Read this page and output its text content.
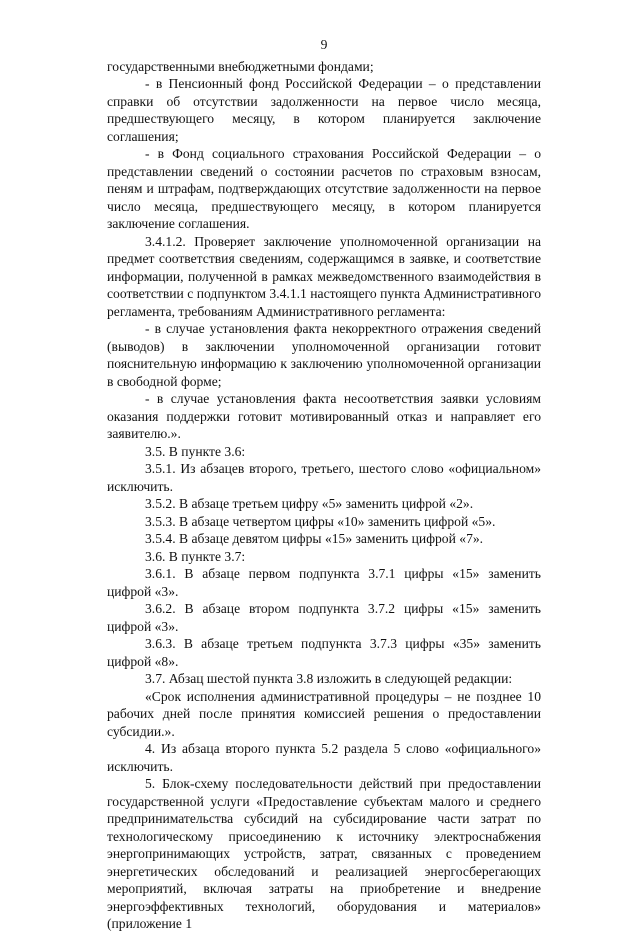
9

государственными внебюджетными фондами;

- в Пенсионный фонд Российской Федерации – о представлении справки об отсутствии задолженности на первое число месяца, предшествующего месяцу, в котором планируется заключение соглашения;

- в Фонд социального страхования Российской Федерации – о представлении сведений о состоянии расчетов по страховым взносам, пеням и штрафам, подтверждающих отсутствие задолженности на первое число месяца, предшествующего месяцу, в котором планируется заключение соглашения.

3.4.1.2. Проверяет заключение уполномоченной организации на предмет соответствия сведениям, содержащимся в заявке, и соответствие информации, полученной в рамках межведомственного взаимодействия в соответствии с подпунктом 3.4.1.1 настоящего пункта Административного регламента, требованиям Административного регламента:

- в случае установления факта некорректного отражения сведений (выводов) в заключении уполномоченной организации готовит пояснительную информацию к заключению уполномоченной организации в свободной форме;

- в случае установления факта несоответствия заявки условиям оказания поддержки готовит мотивированный отказ и направляет его заявителю.».

3.5. В пункте 3.6:

3.5.1. Из абзацев второго, третьего, шестого слово «официальном» исключить.

3.5.2. В абзаце третьем цифру «5» заменить цифрой «2».

3.5.3. В абзаце четвертом цифры «10» заменить цифрой «5».

3.5.4. В абзаце девятом цифры «15» заменить цифрой «7».

3.6. В пункте 3.7:

3.6.1. В абзаце первом подпункта 3.7.1 цифры «15» заменить цифрой «3».

3.6.2. В абзаце втором подпункта 3.7.2 цифры «15» заменить цифрой «3».

3.6.3. В абзаце третьем подпункта 3.7.3 цифры «35» заменить цифрой «8».

3.7. Абзац шестой пункта 3.8 изложить в следующей редакции:

«Срок исполнения административной процедуры – не позднее 10 рабочих дней после принятия комиссией решения о предоставлении субсидии.».

4. Из абзаца второго пункта 5.2 раздела 5 слово «официального» исключить.

5. Блок-схему последовательности действий при предоставлении государственной услуги «Предоставление субъектам малого и среднего предпринимательства субсидий на субсидирование части затрат по технологическому присоединению к источнику электроснабжения энергопринимающих устройств, затрат, связанных с проведением энергетических обследований и реализацией энергосберегающих мероприятий, включая затраты на приобретение и внедрение энергоэффективных технологий, оборудования и материалов» (приложение 1
